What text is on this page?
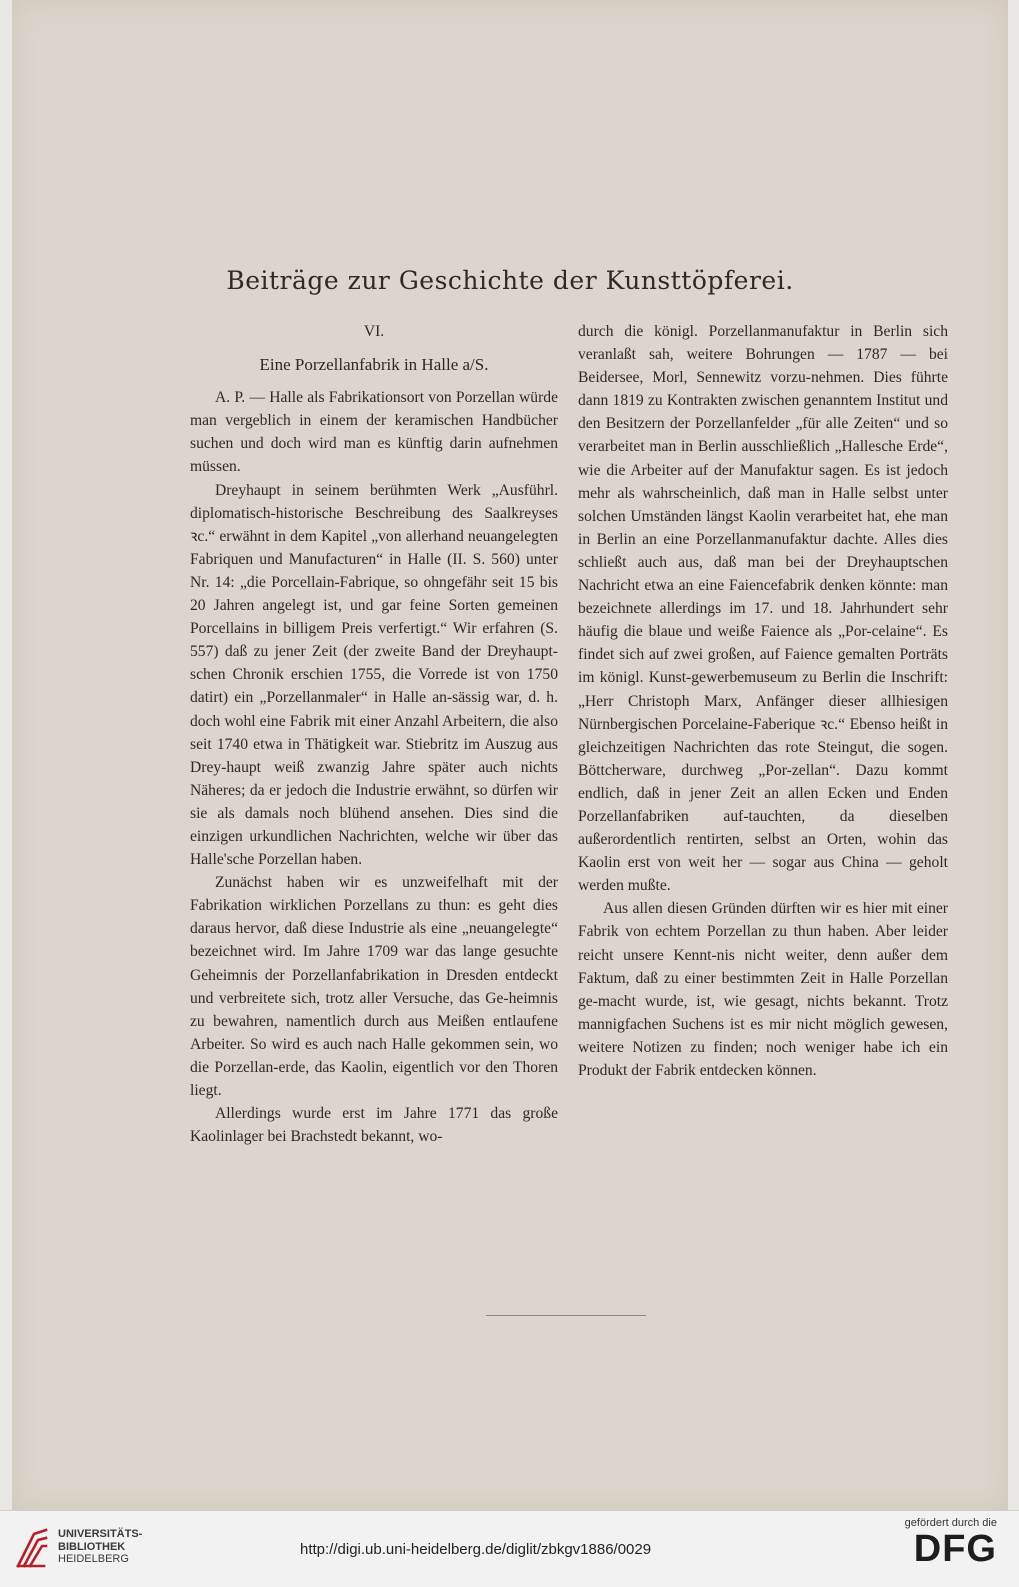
Beiträge zur Geschichte der Kunsttöpferei.
VI.
Eine Porzellanfabrik in Halle a/S.

A. P. — Halle als Fabrikationsort von Porzellan würde man vergeblich in einem der keramischen Handbücher suchen und doch wird man es künftig darin aufnehmen müssen.

Dreyhaupt in seinem berühmten Werk „Ausführl. diplomatisch-historische Beschreibung des Saalkreyses ꝛc.“ erwähnt in dem Kapitel „von allerhand neuangelegten Fabriquen und Manufacturen“ in Halle (II. S. 560) unter Nr. 14: „die Porcellain-Fabrique, so ohngefähr seit 15 bis 20 Jahren angelegt ist, und gar feine Sorten gemeinen Porcellains in billigem Preis verfertigt.“ Wir erfahren (S. 557) daß zu jener Zeit (der zweite Band der Dreyhaupt-schen Chronik erschien 1755, die Vorrede ist von 1750 datirt) ein „Porzellanmaler“ in Halle an-sässig war, d. h. doch wohl eine Fabrik mit einer Anzahl Arbeitern, die also seit 1740 etwa in Thätigkeit war. Stiebritz im Auszug aus Drey-haupt weiß zwanzig Jahre später auch nichts Näheres; da er jedoch die Industrie erwähnt, so dürfen wir sie als damals noch blühend ansehen. Dies sind die einzigen urkundlichen Nachrichten, welche wir über das Halle'sche Porzellan haben.

Zunächst haben wir es unzweifelhaft mit der Fabrikation wirklichen Porzellans zu thun: es geht dies daraus hervor, daß diese Industrie als eine „neuangelegte“ bezeichnet wird. Im Jahre 1709 war das lange gesuchte Geheimnis der Porzellanfabrikation in Dresden entdeckt und verbreitete sich, trotz aller Versuche, das Ge-heimnis zu bewahren, namentlich durch aus Meißen entlaufene Arbeiter. So wird es auch nach Halle gekommen sein, wo die Porzellan-erde, das Kaolin, eigentlich vor den Thoren liegt.

Allerdings wurde erst im Jahre 1771 das große Kaolinlager bei Brachstedt bekannt, wo-

durch die königl. Porzellanmanufaktur in Berlin sich veranlaßt sah, weitere Bohrungen — 1787 — bei Beidersee, Morl, Sennewitz vorzu-nehmen. Dies führte dann 1819 zu Kontrakten zwischen genanntem Institut und den Besitzern der Porzellanfelder „für alle Zeiten“ und so verarbeitet man in Berlin ausschließlich „Hallesche Erde“, wie die Arbeiter auf der Manufaktur sagen. Es ist jedoch mehr als wahrscheinlich, daß man in Halle selbst unter solchen Umständen längst Kaolin verarbeitet hat, ehe man in Berlin an eine Porzellanmanufaktur dachte. Alles dies schließt auch aus, daß man bei der Dreyhauptschen Nachricht etwa an eine Faiencefabrik denken könnte: man bezeichnete allerdings im 17. und 18. Jahrhundert sehr häufig die blaue und weiße Faience als „Por-celaine“. Es findet sich auf zwei großen, auf Faience gemalten Porträts im königl. Kunst-gewerbemuseum zu Berlin die Inschrift: „Herr Christoph Marx, Anfänger dieser allhiesigen Nürnbergischen Porcelaine-Faberique ꝛc.“ Ebenso heißt in gleichzeitigen Nachrichten das rote Steingut, die sogen. Böttcherware, durchweg „Por-zellan“. Dazu kommt endlich, daß in jener Zeit an allen Ecken und Enden Porzellanfabriken auf-tauchten, da dieselben außerordentlich rentirten, selbst an Orten, wohin das Kaolin erst von weit her — sogar aus China — geholt werden mußte.

Aus allen diesen Gründen dürften wir es hier mit einer Fabrik von echtem Porzellan zu thun haben. Aber leider reicht unsere Kennt-nis nicht weiter, denn außer dem Faktum, daß zu einer bestimmten Zeit in Halle Porzellan ge-macht wurde, ist, wie gesagt, nichts bekannt. Trotz mannigfachen Suchens ist es mir nicht möglich gewesen, weitere Notizen zu finden; noch weniger habe ich ein Produkt der Fabrik entdecken können.

UNIVERSITÄTS-
BIBLIOTHEK
HEIDELBERG
http://digi.ub.uni-heidelberg.de/diglit/zbkgv1886/0029
gefördert durch die
DFG
